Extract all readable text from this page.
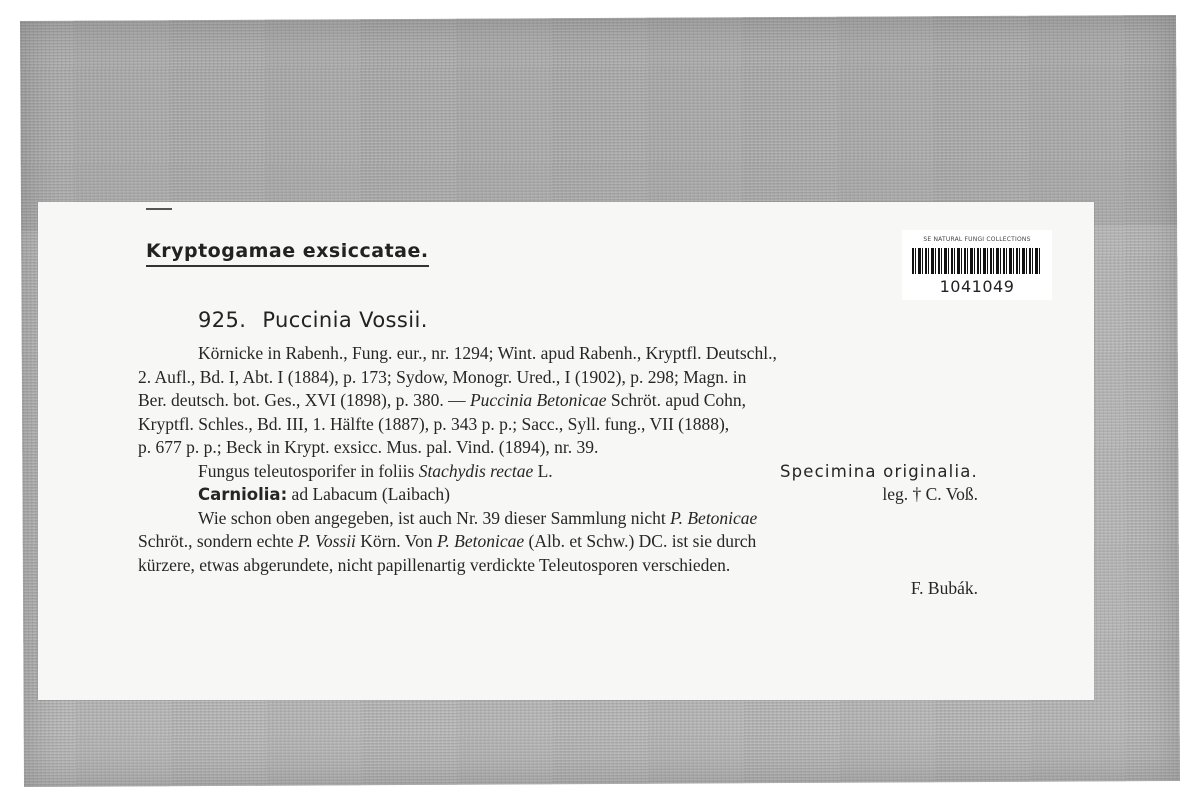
Kryptogamae exsiccatae.
SE NATURAL FUNGI COLLECTIONS
1041049
925. Puccinia Vossii.
Körnicke in Rabenh., Fung. eur., nr. 1294; Wint. apud Rabenh., Kryptfl. Deutschl.,
2. Aufl., Bd. I, Abt. I (1884), p. 173; Sydow, Monogr. Ured., I (1902), p. 298; Magn. in
Ber. deutsch. bot. Ges., XVI (1898), p. 380. — Puccinia Betonicae Schröt. apud Cohn,
Kryptfl. Schles., Bd. III, 1. Hälfte (1887), p. 343 p. p.; Sacc., Syll. fung., VII (1888),
p. 677 p. p.; Beck in Krypt. exsicc. Mus. pal. Vind. (1894), nr. 39.
Fungus teleutosporifer in foliis Stachydis rectae L.	Specimina originalia.
Carniolia: ad Labacum (Laibach)	leg. † C. Voß.
Wie schon oben angegeben, ist auch Nr. 39 dieser Sammlung nicht P. Betonicae
Schröt., sondern echte P. Vossii Körn. Von P. Betonicae (Alb. et Schw.) DC. ist sie durch
kürzere, etwas abgerundete, nicht papillenartig verdickte Teleutosporen verschieden.
F. Bubák.
